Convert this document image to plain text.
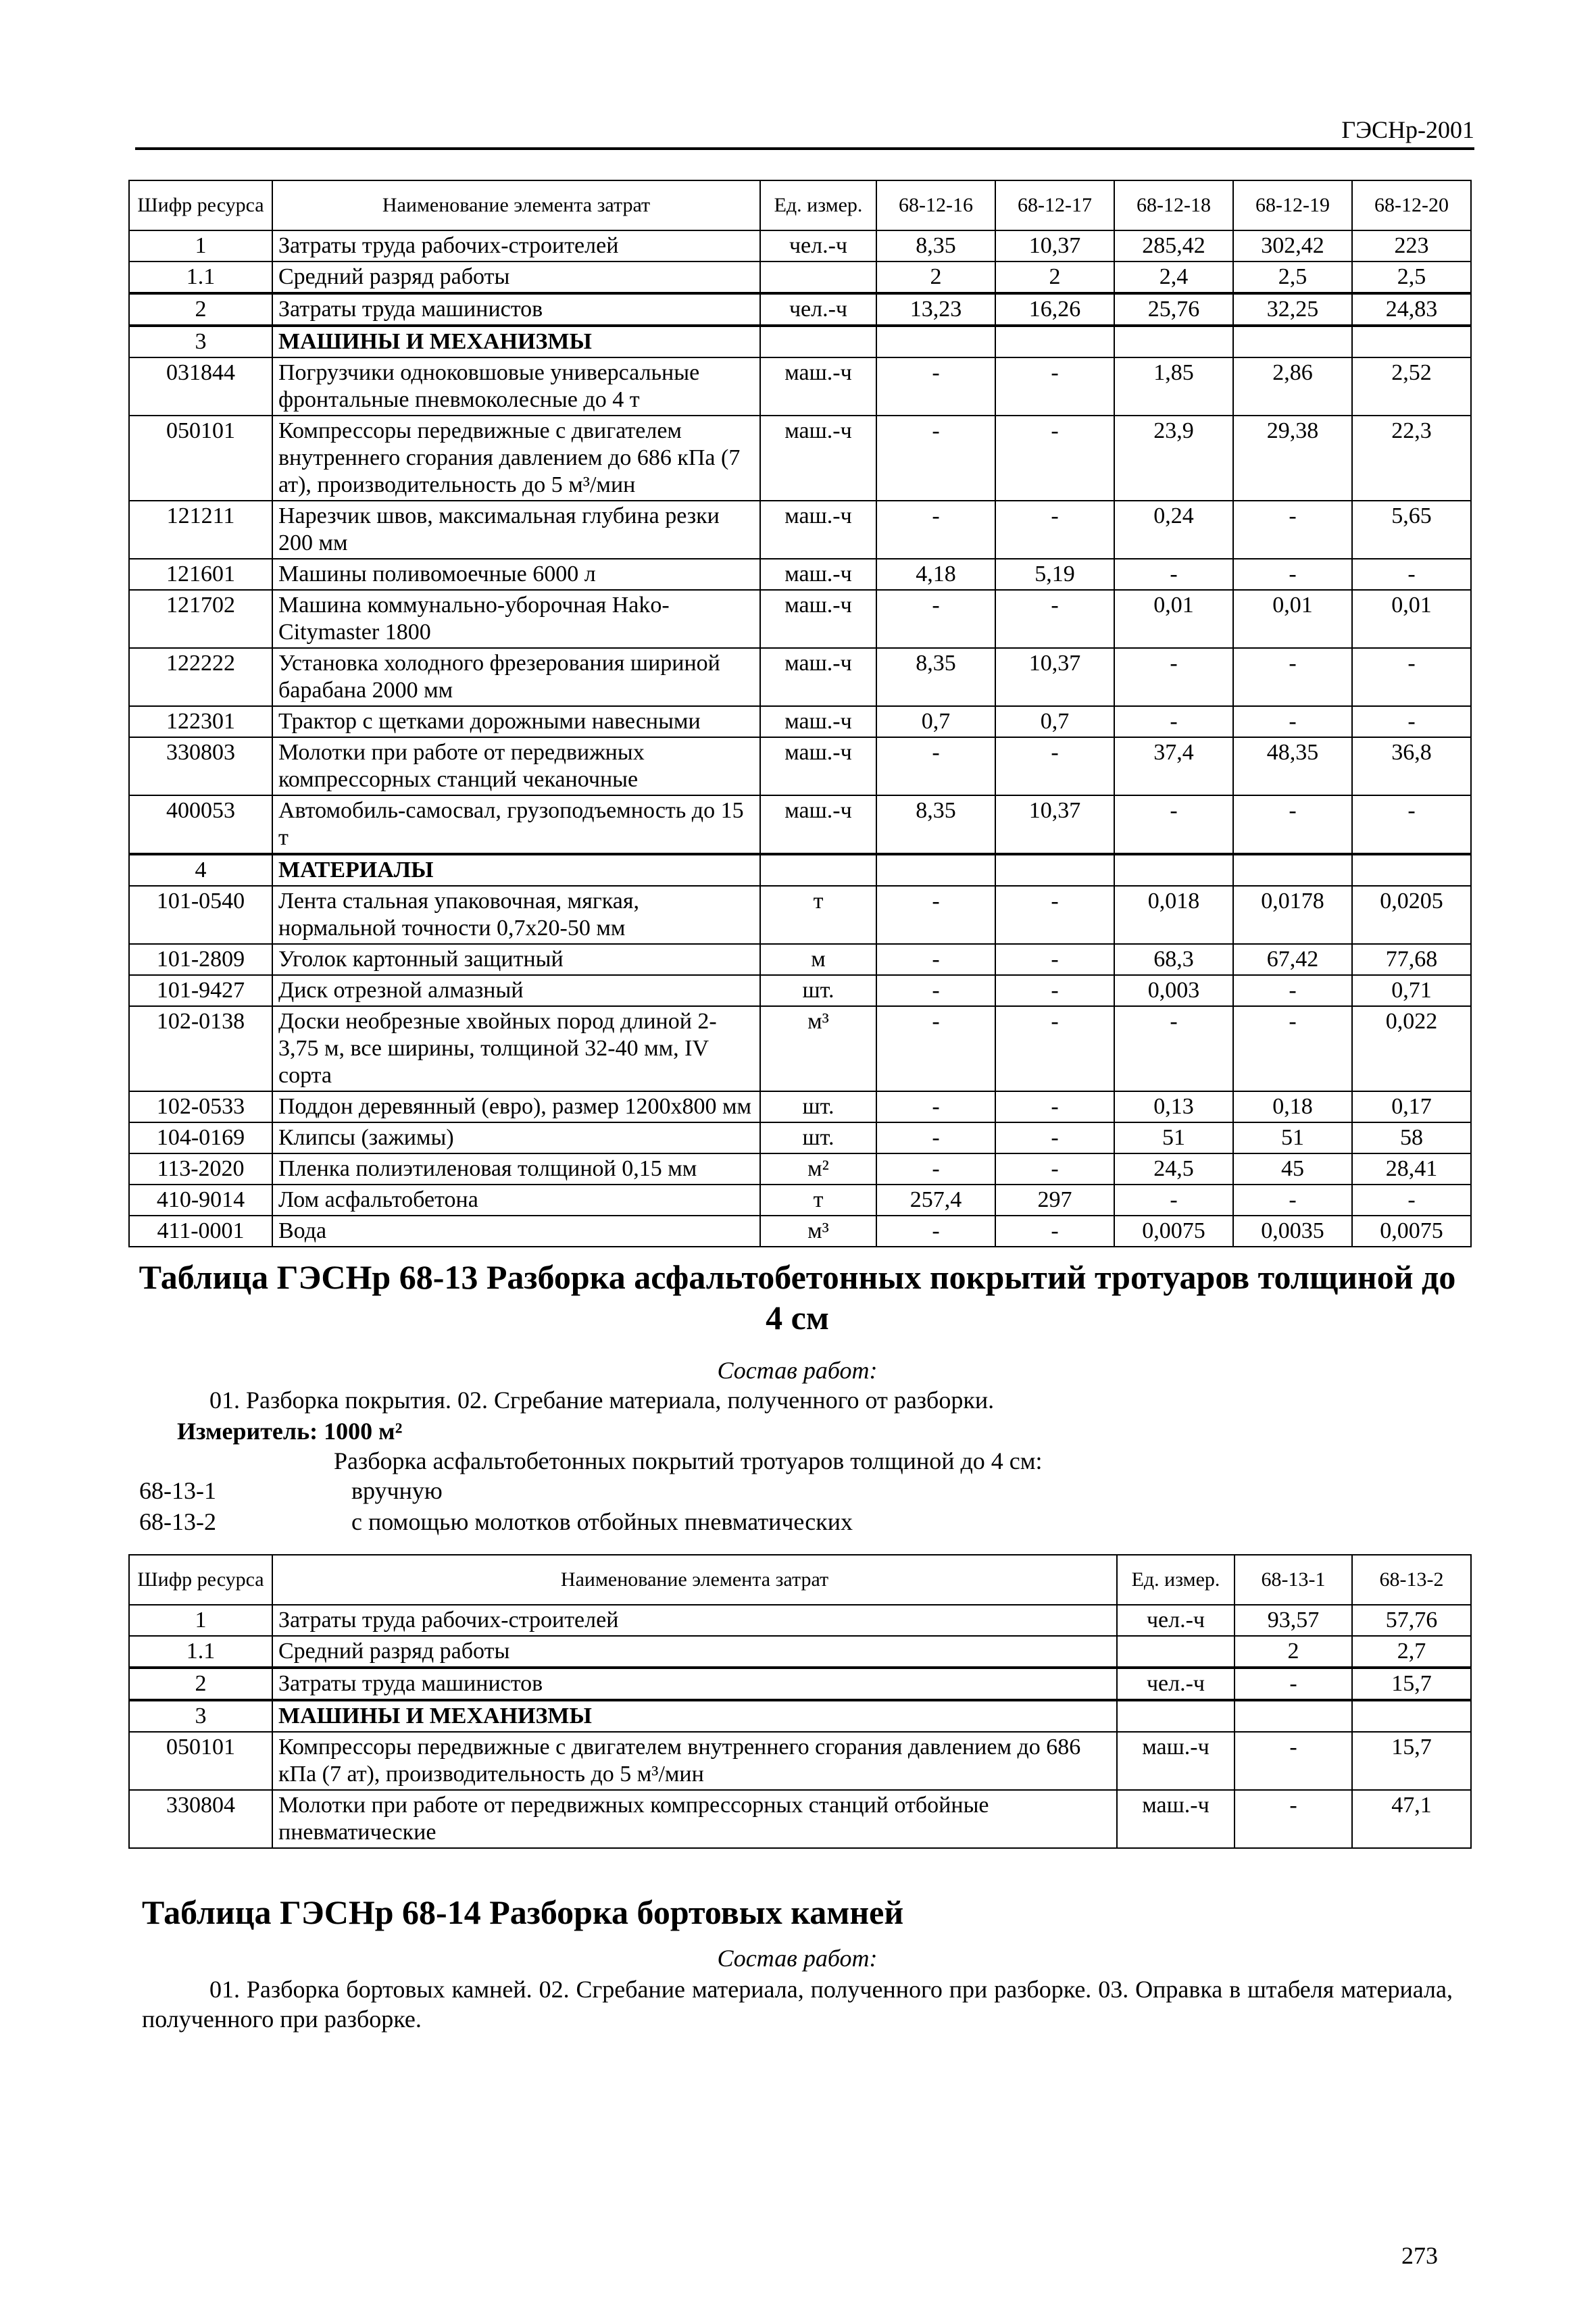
ГЭСНр-2001
Шифр ресурса	Наименование элемента затрат	Ед. измер.	68-12-16	68-12-17	68-12-18	68-12-19	68-12-20
1	Затраты труда рабочих-строителей	чел.-ч	8,35	10,37	285,42	302,42	223
1.1	Средний разряд работы		2	2	2,4	2,5	2,5
2	Затраты труда машинистов	чел.-ч	13,23	16,26	25,76	32,25	24,83
3	МАШИНЫ И МЕХАНИЗМЫ						
031844	Погрузчики одноковшовые универсальные фронтальные пневмоколесные до 4 т	маш.-ч	-	-	1,85	2,86	2,52
050101	Компрессоры передвижные с двигателем внутреннего сгорания давлением до 686 кПа (7 ат), производительность до 5 м³/мин	маш.-ч	-	-	23,9	29,38	22,3
121211	Нарезчик швов, максимальная глубина резки 200 мм	маш.-ч	-	-	0,24	-	5,65
121601	Машины поливомоечные 6000 л	маш.-ч	4,18	5,19	-	-	-
121702	Машина коммунально-уборочная Hako-Citymaster 1800	маш.-ч	-	-	0,01	0,01	0,01
122222	Установка холодного фрезерования шириной барабана 2000 мм	маш.-ч	8,35	10,37	-	-	-
122301	Трактор с щетками дорожными навесными	маш.-ч	0,7	0,7	-	-	-
330803	Молотки при работе от передвижных компрессорных станций чеканочные	маш.-ч	-	-	37,4	48,35	36,8
400053	Автомобиль-самосвал, грузоподъемность до 15 т	маш.-ч	8,35	10,37	-	-	-
4	МАТЕРИАЛЫ						
101-0540	Лента стальная упаковочная, мягкая, нормальной точности 0,7х20-50 мм	т	-	-	0,018	0,0178	0,0205
101-2809	Уголок картонный защитный	м	-	-	68,3	67,42	77,68
101-9427	Диск отрезной алмазный	шт.	-	-	0,003	-	0,71
102-0138	Доски необрезные хвойных пород длиной 2-3,75 м, все ширины, толщиной 32-40 мм, IV сорта	м³	-	-	-	-	0,022
102-0533	Поддон деревянный (евро), размер 1200х800 мм	шт.	-	-	0,13	0,18	0,17
104-0169	Клипсы (зажимы)	шт.	-	-	51	51	58
113-2020	Пленка полиэтиленовая толщиной 0,15 мм	м²	-	-	24,5	45	28,41
410-9014	Лом асфальтобетона	т	257,4	297	-	-	-
411-0001	Вода	м³	-	-	0,0075	0,0035	0,0075
Таблица ГЭСНр 68-13 Разборка асфальтобетонных покрытий тротуаров толщиной до 4 см
Состав работ:
01. Разборка покрытия. 02. Сгребание материала, полученного от разборки.
Измеритель: 1000 м²
Разборка асфальтобетонных покрытий тротуаров толщиной до 4 см:
68-13-1	вручную
68-13-2	с помощью молотков отбойных пневматических
Шифр ресурса	Наименование элемента затрат	Ед. измер.	68-13-1	68-13-2
1	Затраты труда рабочих-строителей	чел.-ч	93,57	57,76
1.1	Средний разряд работы		2	2,7
2	Затраты труда машинистов	чел.-ч	-	15,7
3	МАШИНЫ И МЕХАНИЗМЫ			
050101	Компрессоры передвижные с двигателем внутреннего сгорания давлением до 686 кПа (7 ат), производительность до 5 м³/мин	маш.-ч	-	15,7
330804	Молотки при работе от передвижных компрессорных станций отбойные пневматические	маш.-ч	-	47,1
Таблица ГЭСНр 68-14 Разборка бортовых камней
Состав работ:
01. Разборка бортовых камней. 02. Сгребание материала, полученного при разборке. 03. Оправка в штабеля материала, полученного при разборке.
273
